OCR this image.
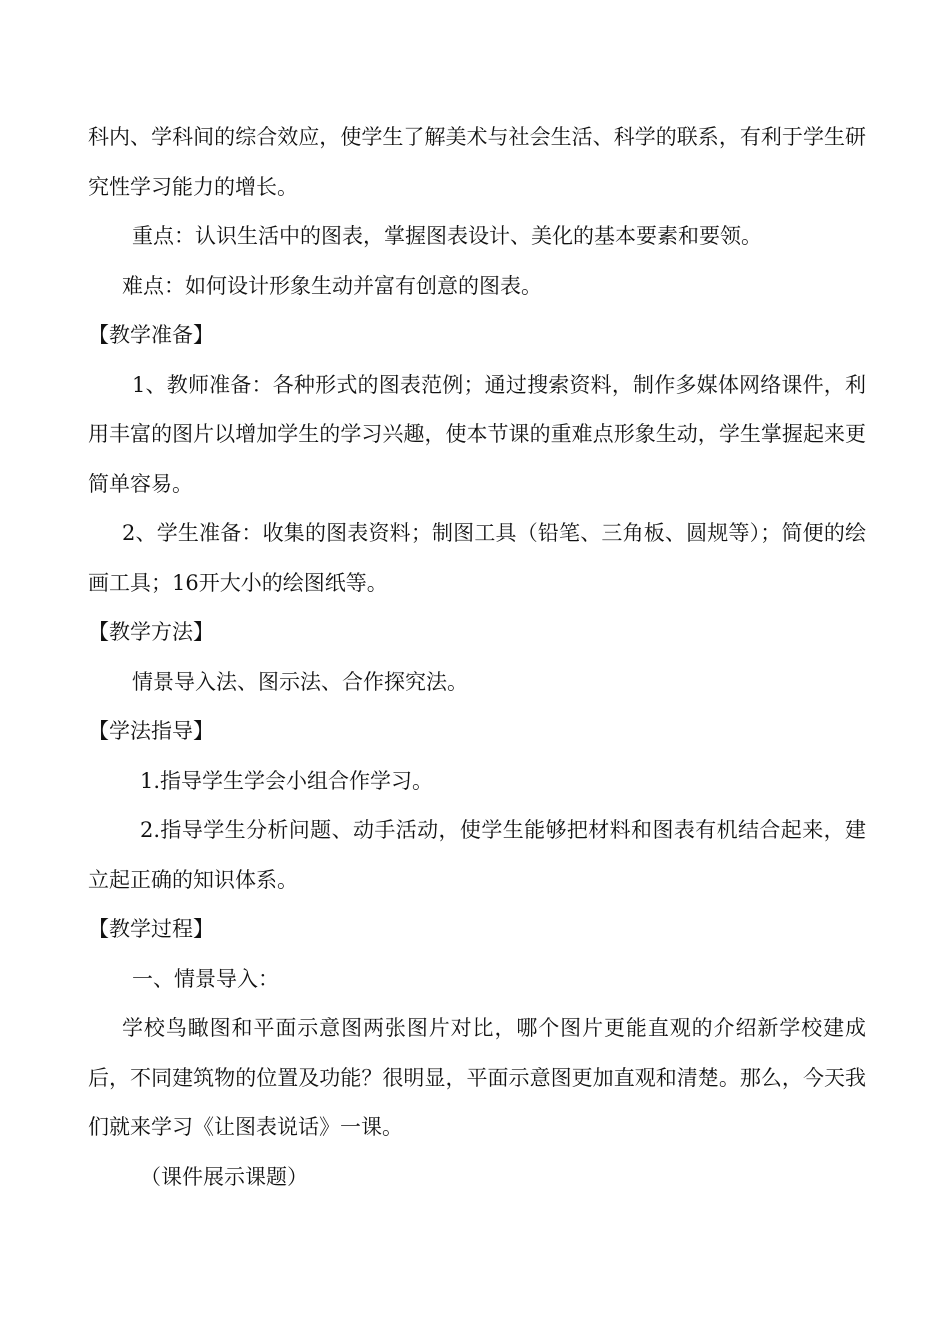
科内、学科间的综合效应，使学生了解美术与社会生活、科学的联系，有利于学生研究性学习能力的增长。

重点：认识生活中的图表，掌握图表设计、美化的基本要素和要领。

难点：如何设计形象生动并富有创意的图表。

【教学准备】

1、教师准备：各种形式的图表范例；通过搜索资料，制作多媒体网络课件，利用丰富的图片以增加学生的学习兴趣，使本节课的重难点形象生动，学生掌握起来更简单容易。

2、学生准备：收集的图表资料；制图工具（铅笔、三角板、圆规等）；简便的绘画工具；16开大小的绘图纸等。

【教学方法】

情景导入法、图示法、合作探究法。

【学法指导】

1.指导学生学会小组合作学习。

2.指导学生分析问题、动手活动，使学生能够把材料和图表有机结合起来，建立起正确的知识体系。

【教学过程】

一、情景导入：

学校鸟瞰图和平面示意图两张图片对比，哪个图片更能直观的介绍新学校建成后，不同建筑物的位置及功能？很明显，平面示意图更加直观和清楚。那么，今天我们就来学习《让图表说话》一课。

（课件展示课题）
